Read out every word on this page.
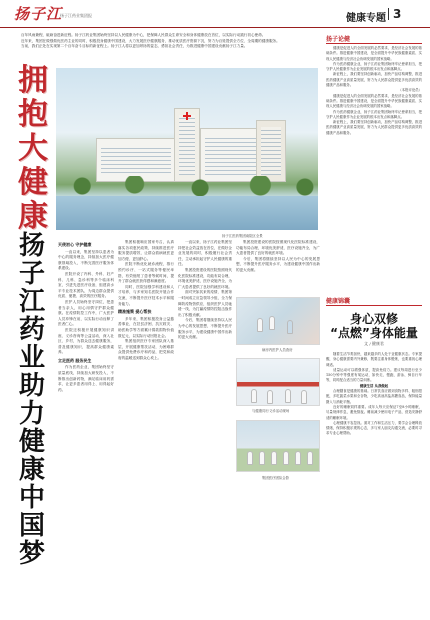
扬子江
扬子江药业集团报	健康专题 3

百年风雨兼程，砥砺奋进新征程。扬子江药业集团始终坚持以人民健康为中心，把保障人民群众生命安全和身体健康放在首位，以实际行动践行初心使命。

近年来，集团在做强做优医药主业的同时，积极投身健康中国建设，大力发展医疗健康服务，推动优质医疗资源下沉，努力为百姓提供全方位、全周期的健康服务。

当前，我们正处在实现第二个百年奋斗目标的新征程上。扬子江人将以更加昂扬的姿态，勇担社会责任，为推进健康中国建设贡献扬子江力量。

拥
抱
大
健
康
扬子江医药集团南院区全景
扬
子
江
药
业
助
力
健
康
中
国
梦

天使初心 守护健康

一直以来，集团坚持以患者为中心的服务理念，持续加大医疗健康领域投入，不断完善医疗服务体系建设。

医院开设了内科、外科、妇产科、儿科、急诊科等多个临床科室，引进先进医疗设备，组建高水平专业技术团队，为周边群众提供优质、便捷、高效的医疗服务。

医护人员始终坚守岗位，把患者当亲人，用心用情守护群众健康。在疫情防控工作中，广大医护人员冲锋在前，以实际行动诠释了医者仁心。

医院还积极开展健康知识讲座、义诊咨询等公益活动，深入社区、乡村，为群众送去健康服务，普及健康知识，提高群众健康素养。

立足医药 服务民生

作为医药企业，集团始终坚守质量底线，持续加大研发投入，不断推出创新药物，满足临床用药需求，让更多患者用得上、用得起好药。

集团积极响应国家号召，认真落实各项惠民政策，持续推进医疗服务提质增效，让群众看病就医更加方便、更加舒心。

医院不断优化就诊流程，推行预约诊疗、一站式服务等便民举措，有效缩短了患者等候时间，提升了群众就医获得感和满意度。

同时，医院加强学科建设和人才培养，与多家知名医院开展合作交流，不断提升医疗技术水平和服务能力。

精准施策 爱心帮扶

多年来，集团积极投身公益慈善事业，在扶贫济困、抗灾救灾、助医助学等方面累计捐款捐物价值数亿元，以实际行动回报社会。

集团组织医疗专家团队深入基层，开展健康帮扶活动，为困难群众提供免费诊疗和药品，把党和政府的温暖送到群众心坎上。

一直以来，扬子江药业集团坚持把社会效益放在首位，在做好企业发展的同时，积极履行社会责任，主动承担起守护人民健康的重任。

集团投资建设的医院按照现代化医院标准建设，功能布局合理，环境优美舒适，医疗设施齐全，为广大患者提供了良好的就医环境。

面对突如其来的疫情，集团第一时间成立应急领导小组，全力保障防疫物资供应，组织医护人员驰援一线，为打赢疫情防控阻击战作出了积极贡献。

今后，集团将继续坚持以人民为中心的发展思想，不断提升医疗服务水平，为建设健康中国作出新的更大贡献。

集团投资建设的医院按照现代化医院标准建设，功能布局合理，环境优美舒适，医疗设施齐全，为广大患者提供了良好的就医环境。

今后，集团将继续坚持以人民为中心的发展思想，不断提升医疗服务水平，为建设健康中国作出新的更大贡献。

病房内医护人员查房
与健康同行义诊活动现场
集团医疗团队合影
扬子论健

健康是促进人的全面发展的必然要求，是经济社会发展的基础条件。推进健康中国建设，是全面提升中华民族健康素质、实现人民健康与经济社会协调发展的国家战略。

作为医药健康企业，扬子江药业集团始终牢记使命担当，把守护人民健康作为企业发展的根本出发点和落脚点。

新征程上，我们要坚持创新驱动，加快产品结构调整，推进医药健康产业高质量发展，努力为人民群众提供更多优质高效的健康产品和服务。

（本报评论员）

健康是促进人的全面发展的必然要求，是经济社会发展的基础条件。推进健康中国建设，是全面提升中华民族健康素质、实现人民健康与经济社会协调发展的国家战略。

作为医药健康企业，扬子江药业集团始终牢记使命担当，把守护人民健康作为企业发展的根本出发点和落脚点。

新征程上，我们要坚持创新驱动，加快产品结构调整，推进医药健康产业高质量发展，努力为人民群众提供更多优质高效的健康产品和服务。

健康锦囊
身心双修
“点燃”身体能量
文 / 健康君

随着生活节奏加快，越来越多的人处于亚健康状态。专家提醒，身心健康需要内外兼修，既要注重身体锻炼，也要重视心理调适。

适量运动可以增强体质，提高免疫力。建议每周进行至少150分钟中等强度有氧运动，如快走、慢跑、游泳、骑自行车等，同时配合适当的力量训练。

健康生活 从我做起

合理膳食是健康的基础。日常饮食应做到食物多样、粗细搭配，多吃蔬菜水果和全谷物，少吃高油高盐高糖食品，保持能量摄入与消耗平衡。

良好的睡眠同样重要。成年人每天应保证7至8小时睡眠，尽量规律作息，避免熬夜。睡前减少使用电子产品，营造安静舒适的睡眠环境。

心理健康不容忽视。面对工作和生活压力，要学会合理释放情绪，保持积极乐观的心态，多与家人朋友沟通交流，必要时寻求专业心理帮助。
